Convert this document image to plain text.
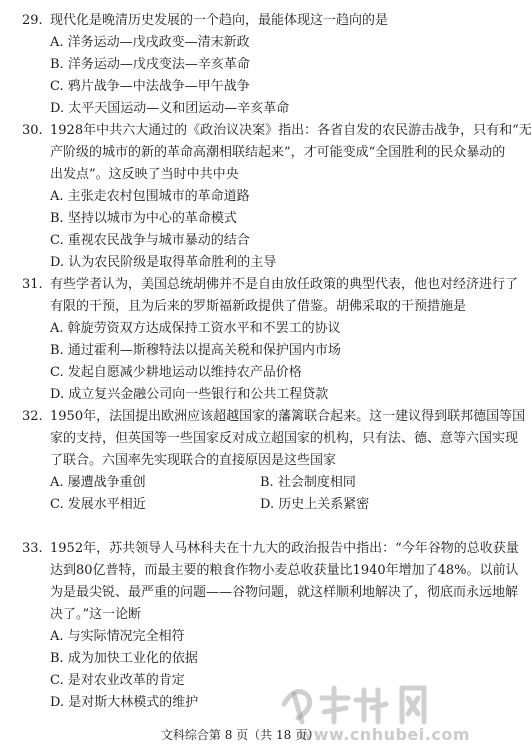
29. 现代化是晚清历史发展的一个趋向，最能体现这一趋向的是
A. 洋务运动—戊戌政变—清末新政
B. 洋务运动—戊戌变法—辛亥革命
C. 鸦片战争—中法战争—甲午战争
D. 太平天国运动—义和团运动—辛亥革命
30. 1928年中共六大通过的《政治议决案》指出：各省自发的农民游击战争，只有和“无
产阶级的城市的新的革命高潮相联结起来”，才可能变成“全国胜利的民众暴动的
出发点”。这反映了当时中共中央
A. 主张走农村包围城市的革命道路
B. 坚持以城市为中心的革命模式
C. 重视农民战争与城市暴动的结合
D. 认为农民阶级是取得革命胜利的主导
31. 有些学者认为，美国总统胡佛并不是自由放任政策的典型代表，他也对经济进行了
有限的干预，且为后来的罗斯福新政提供了借鉴。胡佛采取的干预措施是
A. 斡旋劳资双方达成保持工资水平和不罢工的协议
B. 通过霍利—斯穆特法以提高关税和保护国内市场
C. 发起自愿减少耕地运动以维持农产品价格
D. 成立复兴金融公司向一些银行和公共工程贷款
32. 1950年，法国提出欧洲应该超越国家的藩篱联合起来。这一建议得到联邦德国等国
家的支持，但英国等一些国家反对成立超国家的机构，只有法、德、意等六国实现
了联合。六国率先实现联合的直接原因是这些国家
A. 屡遭战争重创	B. 社会制度相同
C. 发展水平相近	D. 历史上关系紧密
33. 1952年，苏共领导人马林科夫在十九大的政治报告中指出：“今年谷物的总收获量
达到80亿普特，而最主要的粮食作物小麦总收获量比1940年增加了48%。以前认
为是最尖锐、最严重的问题——谷物问题，就这样顺利地解决了，彻底而永远地解
决了。”这一论断
A. 与实际情况完全相符
B. 成为加快工业化的依据
C. 是对农业改革的肯定
D. 是对斯大林模式的维护
www.cnhubei.com
文科综合第 8 页（共 18 页）
